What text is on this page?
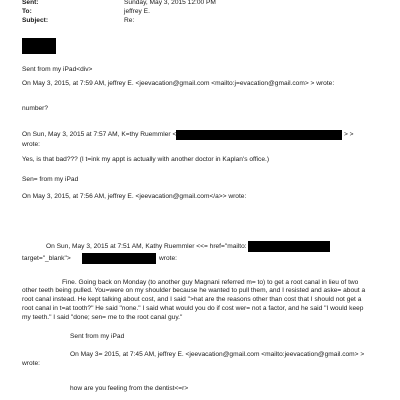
Sent:	Sunday, May 3, 2015 12:00 PM
To:	jeffrey E.
Subject:	Re:
Sent from my iPad<div>
On May 3, 2015, at 7:59 AM, jeffrey E. <jeevacation@gmail.com <mailto:j=evacation@gmail.com> > wrote:
number?
On Sun, May 3, 2015 at 7:57 AM, K=thy Ruemmler <	> >
wrote:
Yes, is that bad??? (I t=ink my appt is actually with another doctor in Kaplan's office.)
Sen= from my iPad
On May 3, 2015, at 7:56 AM, jeffrey E. <jeevacation@gmail.com</a>> wrote:
On Sun, May 3, 2015 at 7:51 AM, Kathy Ruemmler <<= href="mailto:
target="_blank">	wrote:
Fine. Going back on Monday (to another guy Magnani referred m= to) to get a root canal in lieu of two
other teeth being pulled. You=were on my shoulder because he wanted to pull them, and I resisted and aske= about a
root canal instead. He kept talking about cost, and I said ">hat are the reasons other than cost that I should not get a
root canal in t=at tooth?" He said "none." I said what would you do if cost wer= not a factor, and he said "I would keep
my teeth." I said "done; sen= me to the root canal guy."
Sent from my iPad
On May 3= 2015, at 7:45 AM, jeffrey E. <jeevacation@gmail.com <mailto:jeevacation@gmail.com> >
wrote:
how are you feeling from the dentist<=r>
